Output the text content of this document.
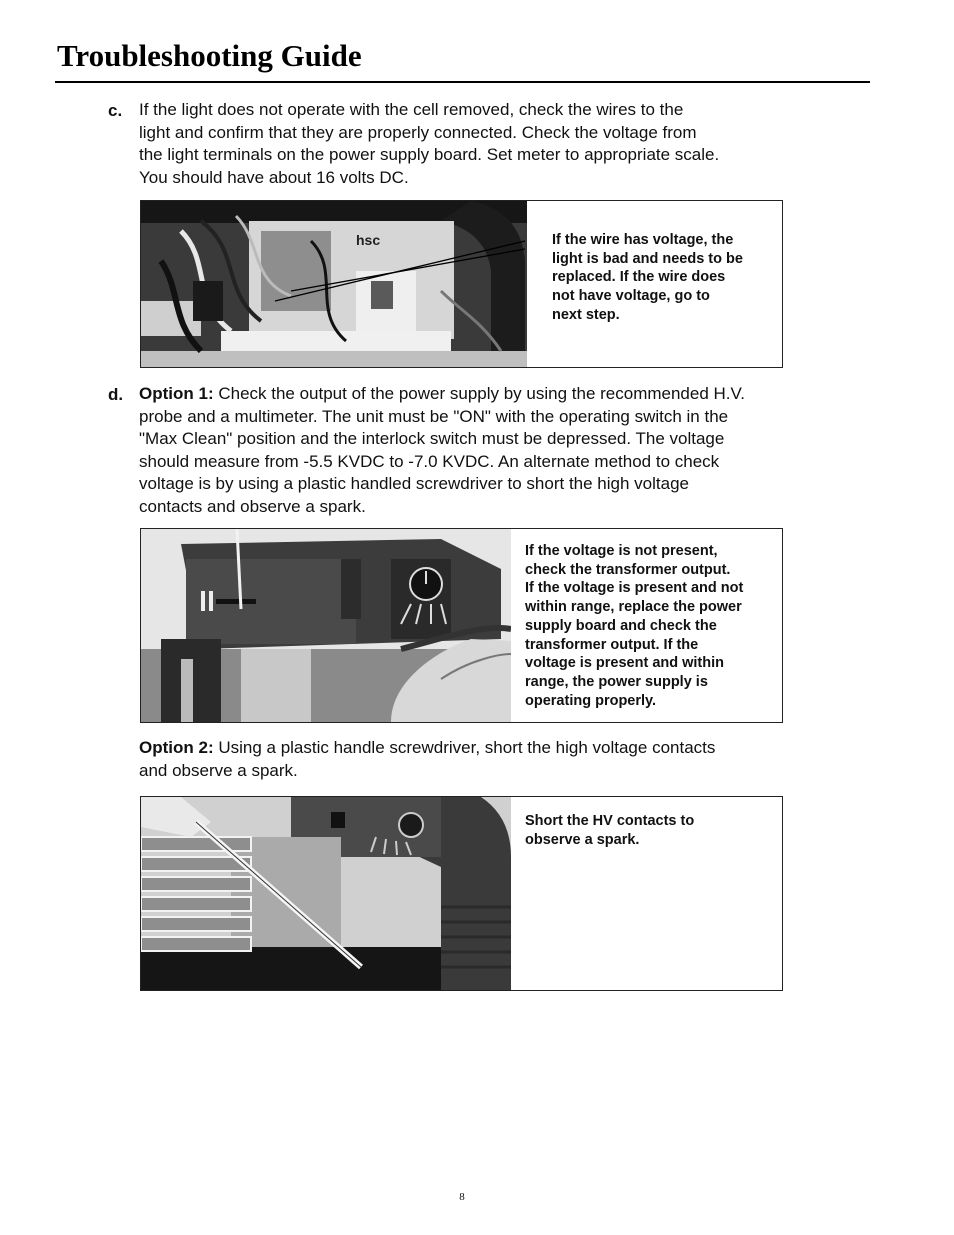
Troubleshooting Guide
c. If the light does not operate with the cell removed, check the wires to the
light and confirm that they are properly connected. Check the voltage from
the light terminals on the power supply board. Set meter to appropriate scale.
You should have about 16 volts DC.
hsc	If the wire has voltage, the
light is bad and needs to be
replaced. If the wire does
not have voltage, go to
next step.
d. Option 1: Check the output of the power supply by using the recommended H.V.
probe and a multimeter. The unit must be "ON" with the operating switch in the
"Max Clean" position and the interlock switch must be depressed. The voltage
should measure from -5.5 KVDC to -7.0 KVDC. An alternate method to check
voltage is by using a plastic handled screwdriver to short the high voltage
contacts and observe a spark.
If the voltage is not present,
check the transformer output.
If the voltage is present and not
within range, replace the power
supply board and check the
transformer output. If the
voltage is present and within
range, the power supply is
operating properly.
Option 2: Using a plastic handle screwdriver, short the high voltage contacts
and observe a spark.
Short the HV contacts to
observe a spark.
8
